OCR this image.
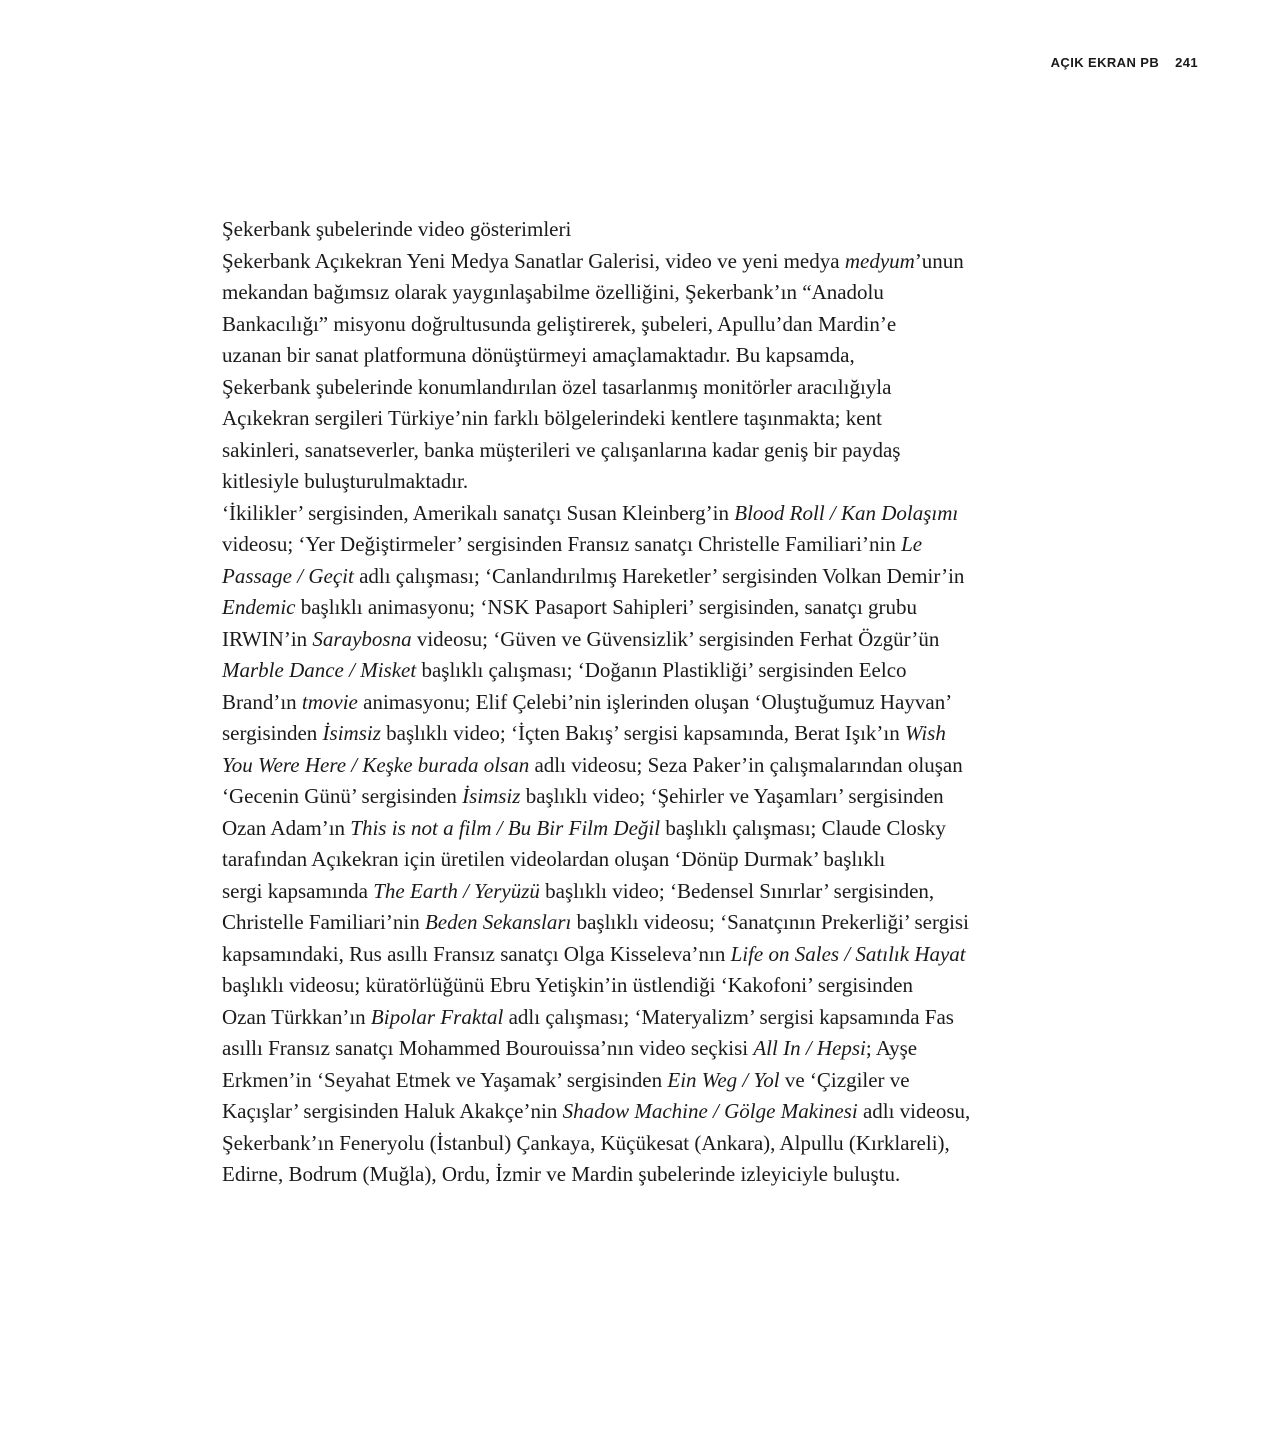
AÇIK EKRAN PB 241

Şekerbank şubelerinde video gösterimleri

Şekerbank Açıkekran Yeni Medya Sanatlar Galerisi, video ve yeni medya medyum’unun
mekandan bağımsız olarak yaygınlaşabilme özelliğini, Şekerbank’ın “Anadolu
Bankacılığı” misyonu doğrultusunda geliştirerek, şubeleri, Apullu’dan Mardin’e
uzanan bir sanat platformuna dönüştürmeyi amaçlamaktadır. Bu kapsamda,
Şekerbank şubelerinde konumlandırılan özel tasarlanmış monitörler aracılığıyla
Açıkekran sergileri Türkiye’nin farklı bölgelerindeki kentlere taşınmakta; kent
sakinleri, sanatseverler, banka müşterileri ve çalışanlarına kadar geniş bir paydaş
kitlesiyle buluşturulmaktadır.

‘İkilikler’ sergisinden, Amerikalı sanatçı Susan Kleinberg’in Blood Roll / Kan Dolaşımı
videosu; ‘Yer Değiştirmeler’ sergisinden Fransız sanatçı Christelle Familiari’nin Le
Passage / Geçit adlı çalışması; ‘Canlandırılmış Hareketler’ sergisinden Volkan Demir’in
Endemic başlıklı animasyonu; ‘NSK Pasaport Sahipleri’ sergisinden, sanatçı grubu
IRWIN’in Saraybosna videosu; ‘Güven ve Güvensizlik’ sergisinden Ferhat Özgür’ün
Marble Dance / Misket başlıklı çalışması; ‘Doğanın Plastikliği’ sergisinden Eelco
Brand’ın tmovie animasyonu; Elif Çelebi’nin işlerinden oluşan ‘Oluştuğumuz Hayvan’
sergisinden İsimsiz başlıklı video; ‘İçten Bakış’ sergisi kapsamında, Berat Işık’ın Wish
You Were Here / Keşke burada olsan adlı videosu; Seza Paker’in çalışmalarından oluşan
‘Gecenin Günü’ sergisinden İsimsiz başlıklı video; ‘Şehirler ve Yaşamları’ sergisinden
Ozan Adam’ın This is not a film / Bu Bir Film Değil başlıklı çalışması; Claude Closky
tarafından Açıkekran için üretilen videolardan oluşan ‘Dönüp Durmak’ başlıklı
sergi kapsamında The Earth / Yeryüzü başlıklı video; ‘Bedensel Sınırlar’ sergisinden,
Christelle Familiari’nin Beden Sekansları başlıklı videosu; ‘Sanatçının Prekerliği’ sergisi
kapsamındaki, Rus asıllı Fransız sanatçı Olga Kisseleva’nın Life on Sales / Satılık Hayat
başlıklı videosu; küratörlüğünü Ebru Yetişkin’in üstlendiği ‘Kakofoni’ sergisinden
Ozan Türkkan’ın Bipolar Fraktal adlı çalışması; ‘Materyalizm’ sergisi kapsamında Fas
asıllı Fransız sanatçı Mohammed Bourouissa’nın video seçkisi All In / Hepsi; Ayşe
Erkmen’in ‘Seyahat Etmek ve Yaşamak’ sergisinden Ein Weg / Yol ve ‘Çizgiler ve
Kaçışlar’ sergisinden Haluk Akakçe’nin Shadow Machine / Gölge Makinesi adlı videosu,
Şekerbank’ın Feneryolu (İstanbul) Çankaya, Küçükesat (Ankara), Alpullu (Kırklareli),
Edirne, Bodrum (Muğla), Ordu, İzmir ve Mardin şubelerinde izleyiciyle buluştu.
